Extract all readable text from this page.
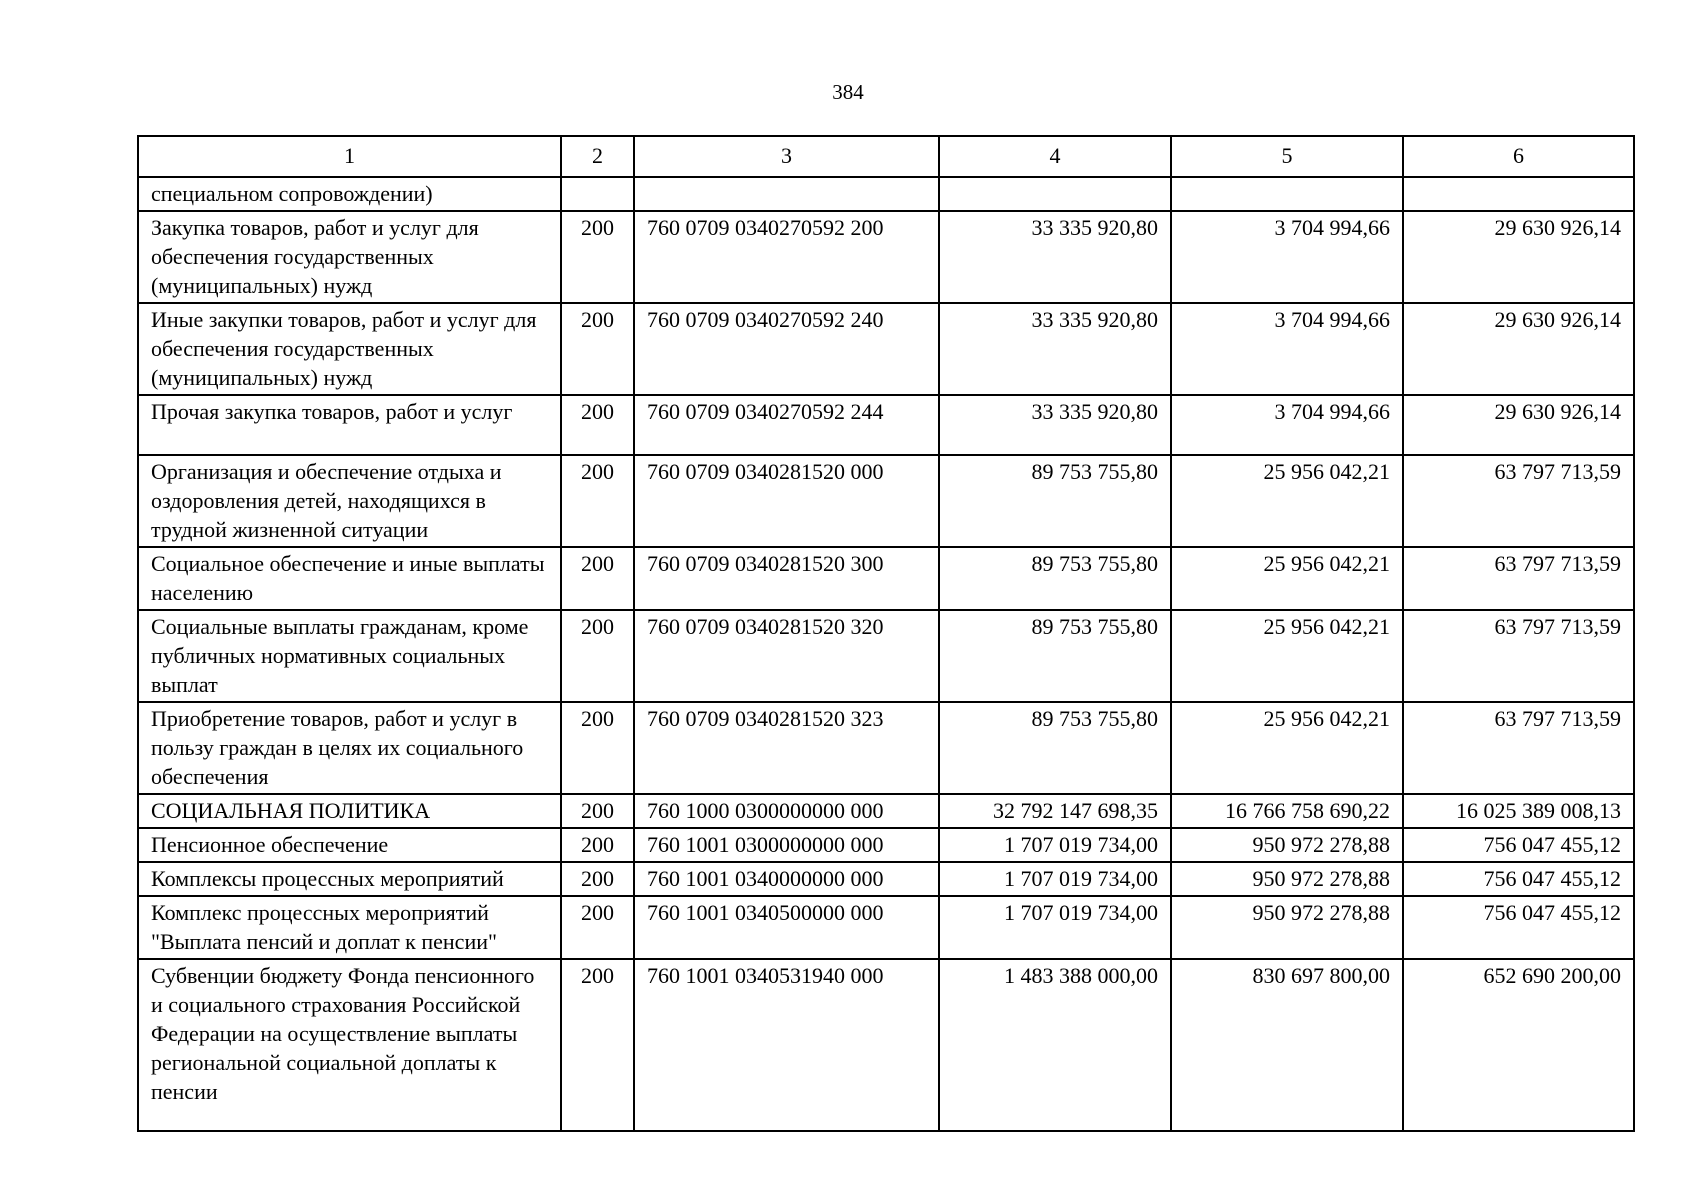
384
1	2	3	4	5	6
специальном сопровождении)					
Закупка товаров, работ и услуг для обеспечения государственных (муниципальных) нужд	200	760 0709 0340270592 200	33 335 920,80	3 704 994,66	29 630 926,14
Иные закупки товаров, работ и услуг для обеспечения государственных (муниципальных) нужд	200	760 0709 0340270592 240	33 335 920,80	3 704 994,66	29 630 926,14
Прочая закупка товаров, работ и услуг	200	760 0709 0340270592 244	33 335 920,80	3 704 994,66	29 630 926,14
Организация и обеспечение отдыха и оздоровления детей, находящихся в трудной жизненной ситуации	200	760 0709 0340281520 000	89 753 755,80	25 956 042,21	63 797 713,59
Социальное обеспечение и иные выплаты населению	200	760 0709 0340281520 300	89 753 755,80	25 956 042,21	63 797 713,59
Социальные выплаты гражданам, кроме публичных нормативных социальных выплат	200	760 0709 0340281520 320	89 753 755,80	25 956 042,21	63 797 713,59
Приобретение товаров, работ и услуг в пользу граждан в целях их социального обеспечения	200	760 0709 0340281520 323	89 753 755,80	25 956 042,21	63 797 713,59
СОЦИАЛЬНАЯ ПОЛИТИКА	200	760 1000 0300000000 000	32 792 147 698,35	16 766 758 690,22	16 025 389 008,13
Пенсионное обеспечение	200	760 1001 0300000000 000	1 707 019 734,00	950 972 278,88	756 047 455,12
Комплексы процессных мероприятий	200	760 1001 0340000000 000	1 707 019 734,00	950 972 278,88	756 047 455,12
Комплекс процессных мероприятий "Выплата пенсий и доплат к пенсии"	200	760 1001 0340500000 000	1 707 019 734,00	950 972 278,88	756 047 455,12
Субвенции бюджету Фонда пенсионного и социального страхования Российской Федерации на осуществление выплаты региональной социальной доплаты к пенсии	200	760 1001 0340531940 000	1 483 388 000,00	830 697 800,00	652 690 200,00
